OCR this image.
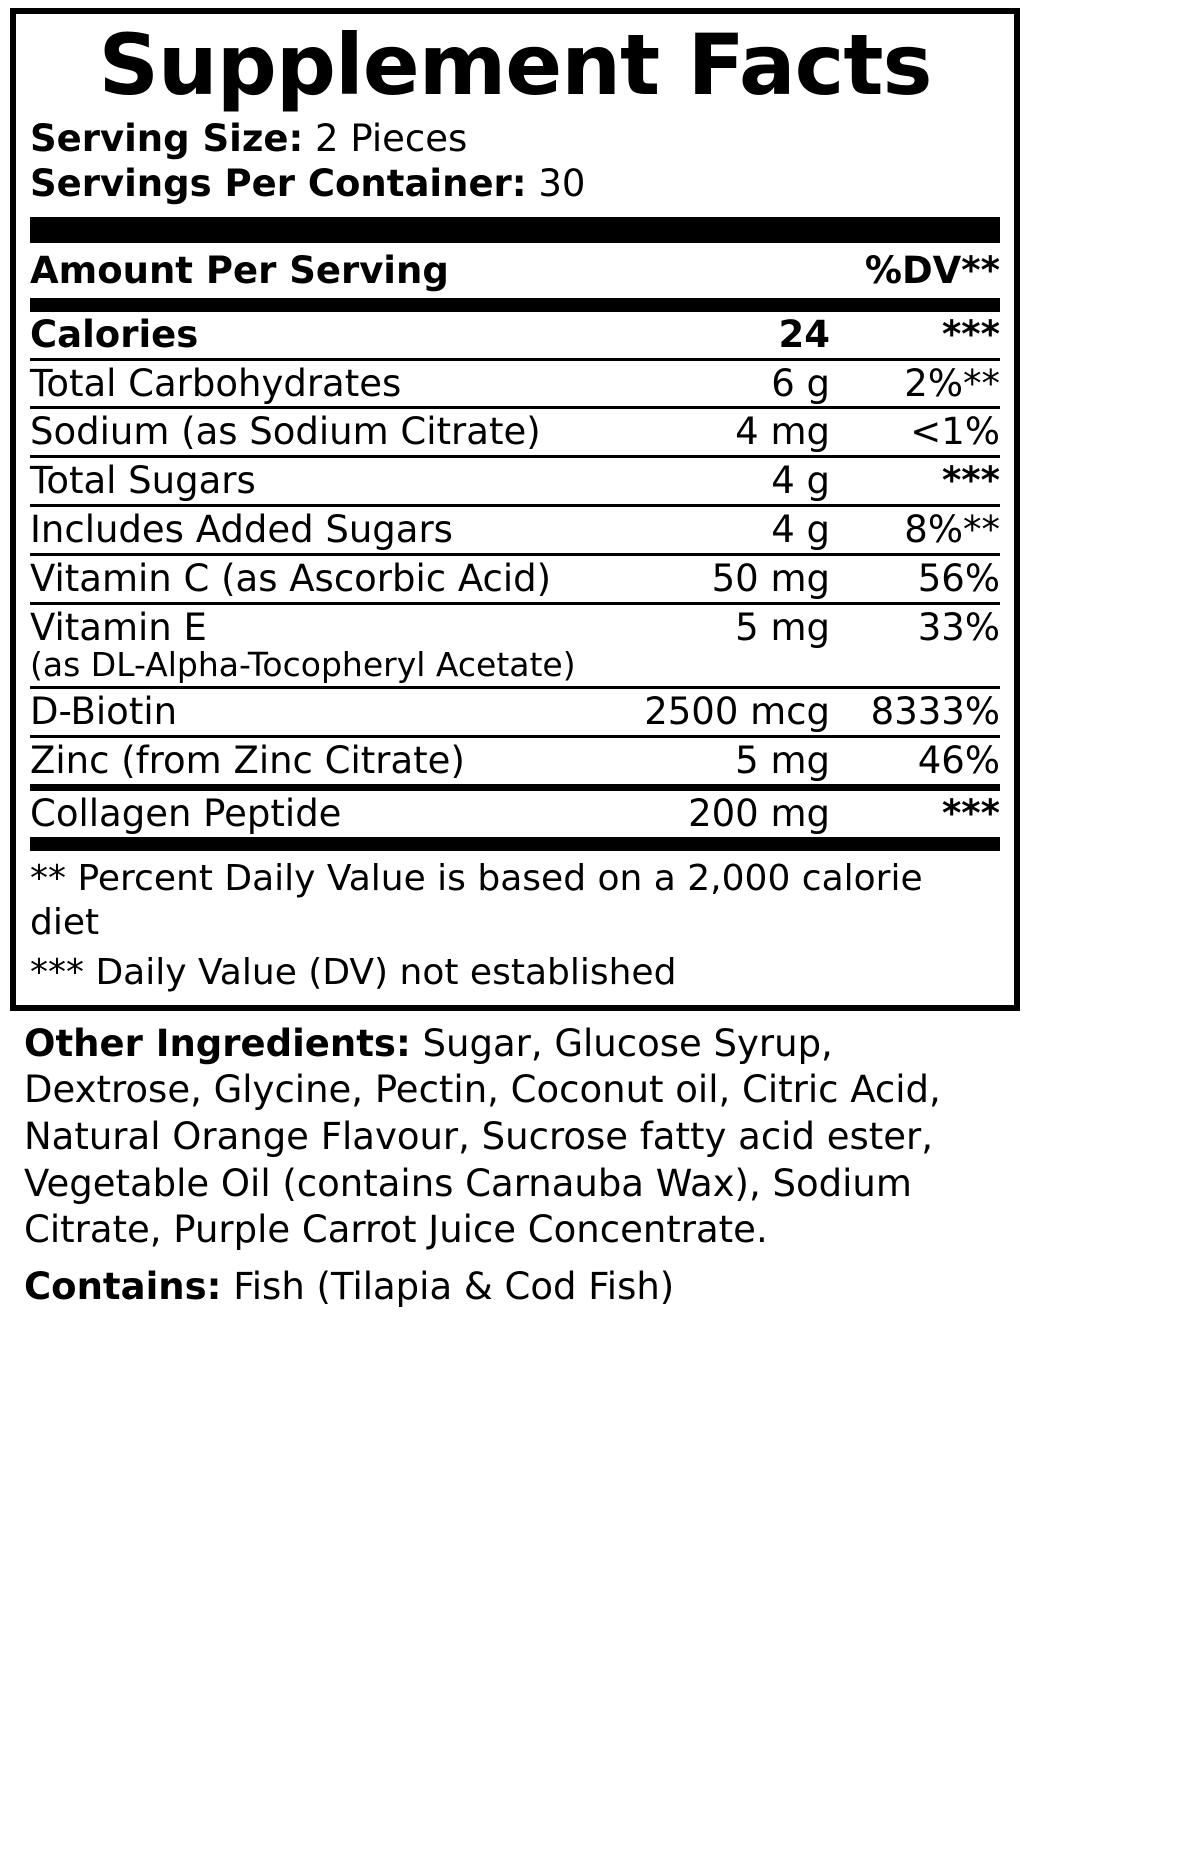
Supplement Facts
Serving Size: 2 Pieces
Servings Per Container: 30
Amount Per Serving	%DV**
Calories	24	***
Total Carbohydrates	6 g	2%**
Sodium (as Sodium Citrate)	4 mg	<1%
Total Sugars	4 g	***
Includes Added Sugars	4 g	8%**
Vitamin C (as Ascorbic Acid)	50 mg	56%

Vitamin E
(as DL-Alpha-Tocopheryl Acetate)	5 mg	33%
D-Biotin	2500 mcg	8333%
Zinc (from Zinc Citrate)	5 mg	46%
Collagen Peptide	200 mg	***
** Percent Daily Value is based on a 2,000 calorie diet
*** Daily Value (DV) not established
Other Ingredients: Sugar, Glucose Syrup, Dextrose, Glycine, Pectin, Coconut oil, Citric Acid, Natural Orange Flavour, Sucrose fatty acid ester, Vegetable Oil (contains Carnauba Wax), Sodium Citrate, Purple Carrot Juice Concentrate.
Contains: Fish (Tilapia & Cod Fish)
